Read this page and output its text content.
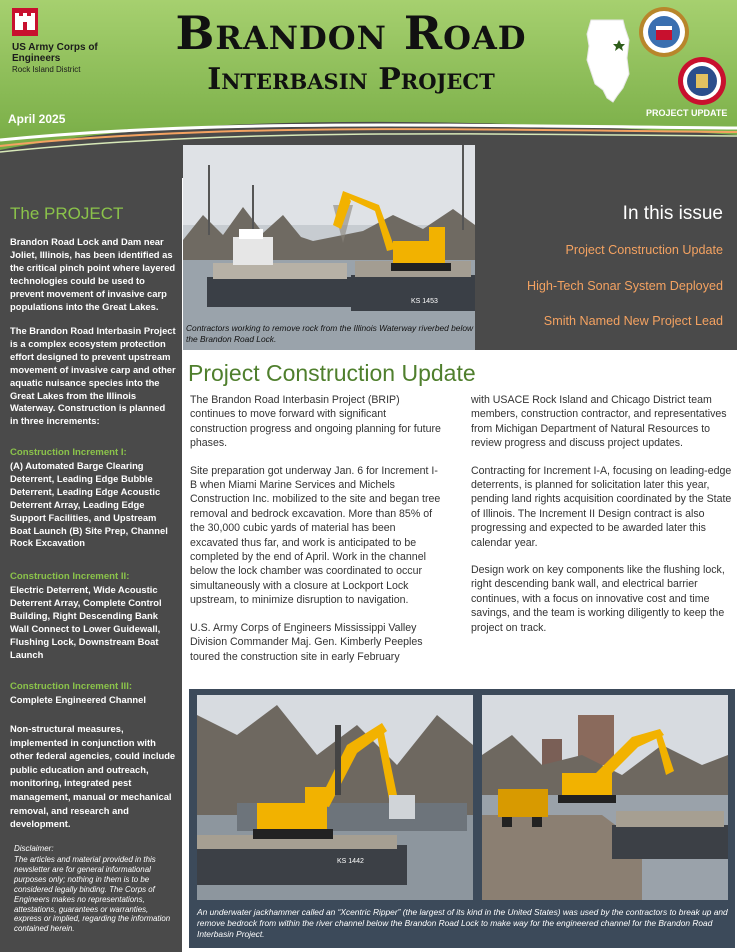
US Army Corps of Engineers
Rock Island District
Brandon Road
Interbasin Project
April 2025	PROJECT UPDATE
The PROJECT
Brandon Road Lock and Dam near Joliet, Illinois, has been identified as the critical pinch point where layered technologies could be used to prevent movement of invasive carp populations into the Great Lakes.
The Brandon Road Interbasin Project is a complex ecosystem protection effort designed to prevent upstream movement of invasive carp and other aquatic nuisance species into the Great Lakes from the Illinois Waterway. Construction is planned in three increments:
Construction Increment I:
(A) Automated Barge Clearing Deterrent, Leading Edge Bubble Deterrent, Leading Edge Acoustic Deterrent Array, Leading Edge Support Facilities, and Upstream Boat Launch (B) Site Prep, Channel Rock Excavation
Construction Increment II:
Electric Deterrent, Wide Acoustic Deterrent Array, Complete Control Building, Right Descending Bank Wall Connect to Lower Guidewall, Flushing Lock, Downstream Boat Launch
Construction Increment III:
Complete Engineered Channel
Non-structural measures, implemented in conjunction with other federal agencies, could include public education and outreach, monitoring, integrated pest management, manual or mechanical removal, and research and development.
Disclaimer:
The articles and material provided in this newsletter are for general informational purposes only; nothing in them is to be considered legally binding. The Corps of Engineers makes no representations, attestations, guarantees or warranties, express or implied, regarding the information contained herein.
KS 1453
Contractors working to remove rock from the Illinois Waterway riverbed below the Brandon Road Lock.
In this issue
Project Construction Update
High-Tech Sonar System Deployed
Smith Named New Project Lead
Project Construction Update

The Brandon Road Interbasin Project (BRIP) continues to move forward with significant construction progress and ongoing planning for future phases.

Site preparation got underway Jan. 6 for Increment I-B when Miami Marine Services and Michels Construction Inc. mobilized to the site and began tree removal and bedrock excavation. More than 85% of the 30,000 cubic yards of material has been excavated thus far, and work is anticipated to be completed by the end of April. Work in the channel below the lock chamber was coordinated to occur simultaneously with a closure at Lockport Lock upstream, to minimize disruption to navigation.

U.S. Army Corps of Engineers Mississippi Valley Division Commander Maj. Gen. Kimberly Peeples toured the construction site in early February

with USACE Rock Island and Chicago District team members, construction contractor, and representatives from Michigan Department of Natural Resources to review progress and discuss project updates.

Contracting for Increment I-A, focusing on leading-edge deterrents, is planned for solicitation later this year, pending land rights acquisition coordinated by the State of Illinois. The Increment II Design contract is also progressing and expected to be awarded later this calendar year.

Design work on key components like the flushing lock, right descending bank wall, and electrical barrier continues, with a focus on innovative cost and time savings, and the team is working diligently to keep the project on track.

KS 1442
An underwater jackhammer called an “Xcentric Ripper” (the largest of its kind in the United States) was used by the contractors to break up and remove bedrock from within the river channel below the Brandon Road Lock to make way for the engineered channel for the Brandon Road Interbasin Project.
